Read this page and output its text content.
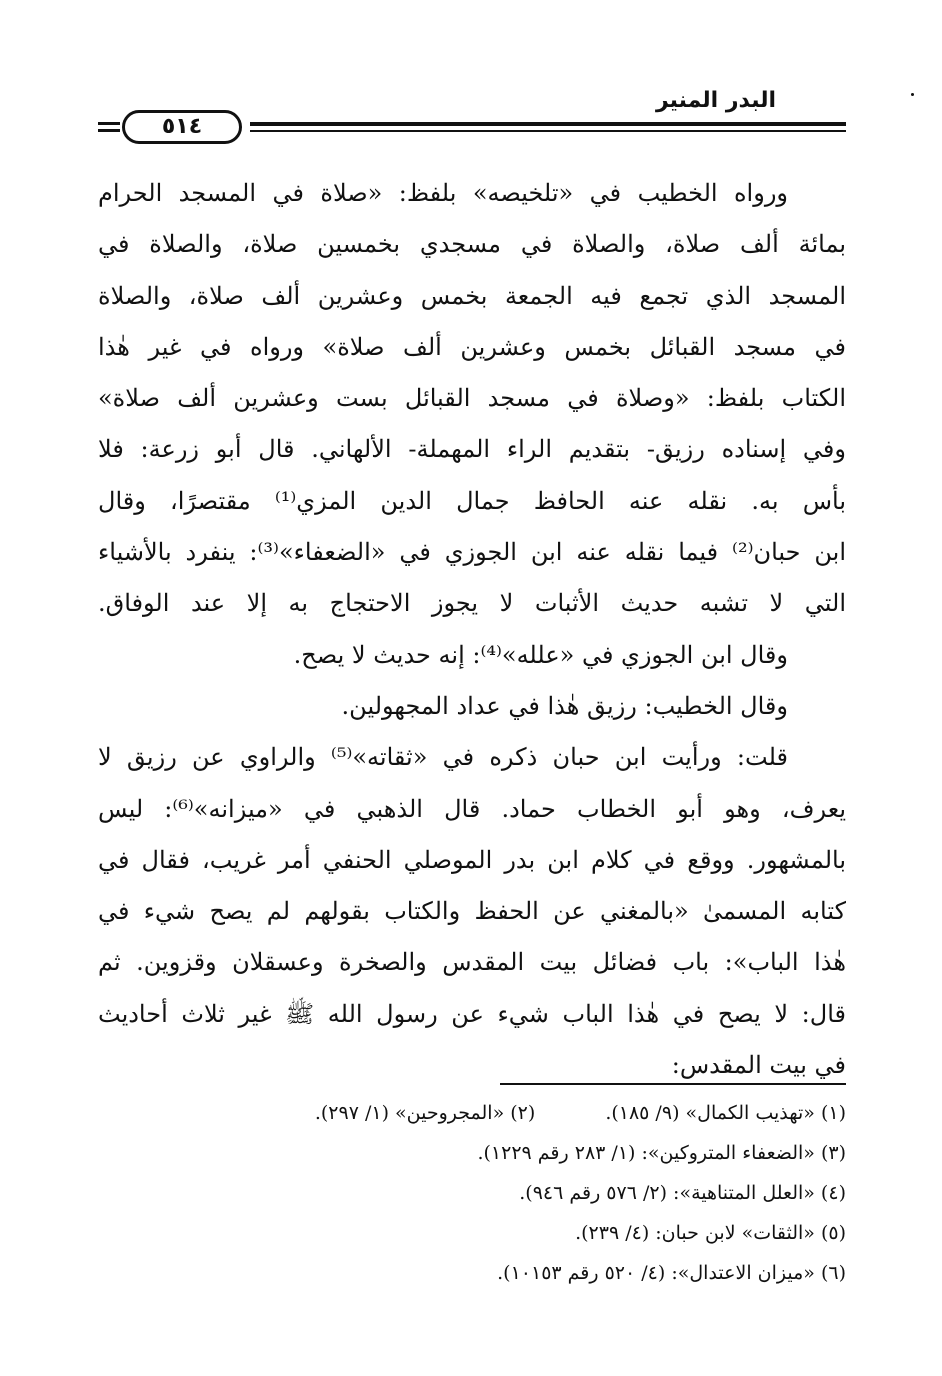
البدر المنير
٥١٤
ورواه الخطيب في «تلخيصه» بلفظ: «صلاة في المسجد الحرام
بمائة ألف صلاة، والصلاة في مسجدي بخمسين صلاة، والصلاة في
المسجد الذي تجمع فيه الجمعة بخمس وعشرين ألف صلاة، والصلاة
في مسجد القبائل بخمس وعشرين ألف صلاة» ورواه في غير هٰذا
الكتاب بلفظ: «وصلاة في مسجد القبائل بست وعشرين ألف صلاة»
وفي إسناده رزيق- بتقديم الراء المهملة- الألهاني. قال أبو زرعة: فلا
بأس به. نقله عنه الحافظ جمال الدين المزي⁽¹⁾ مقتصرًا، وقال
ابن حبان⁽²⁾ فيما نقله عنه ابن الجوزي في «الضعفاء»⁽³⁾: ينفرد بالأشياء
التي لا تشبه حديث الأثبات لا يجوز الاحتجاج به إلا عند الوفاق.
وقال ابن الجوزي في «علله»⁽⁴⁾: إنه حديث لا يصح.
وقال الخطيب: رزيق هٰذا في عداد المجهولين.
قلت: ورأيت ابن حبان ذكره في «ثقاته»⁽⁵⁾ والراوي عن رزيق لا
يعرف، وهو أبو الخطاب حماد. قال الذهبي في «ميزانه»⁽⁶⁾: ليس
بالمشهور. ووقع في كلام ابن بدر الموصلي الحنفي أمر غريب، فقال في
كتابه المسمىٰ «بالمغني عن الحفظ والكتاب بقولهم لم يصح شيء في
هٰذا الباب»: باب فضائل بيت المقدس والصخرة وعسقلان وقزوين. ثم
قال: لا يصح في هٰذا الباب شيء عن رسول الله ﷺ غير ثلاث أحاديث
في بيت المقدس:
(١) «تهذيب الكمال» (٩/ ١٨٥).(٢) «المجروحين» (١/ ٢٩٧).
(٣) «الضعفاء المتروكين»: (١/ ٢٨٣ رقم ١٢٢٩).
(٤) «العلل المتناهية»: (٢/ ٥٧٦ رقم ٩٤٦).
(٥) «الثقات» لابن حبان: (٤/ ٢٣٩).
(٦) «ميزان الاعتدال»: (٤/ ٥٢٠ رقم ١٠١٥٣).
